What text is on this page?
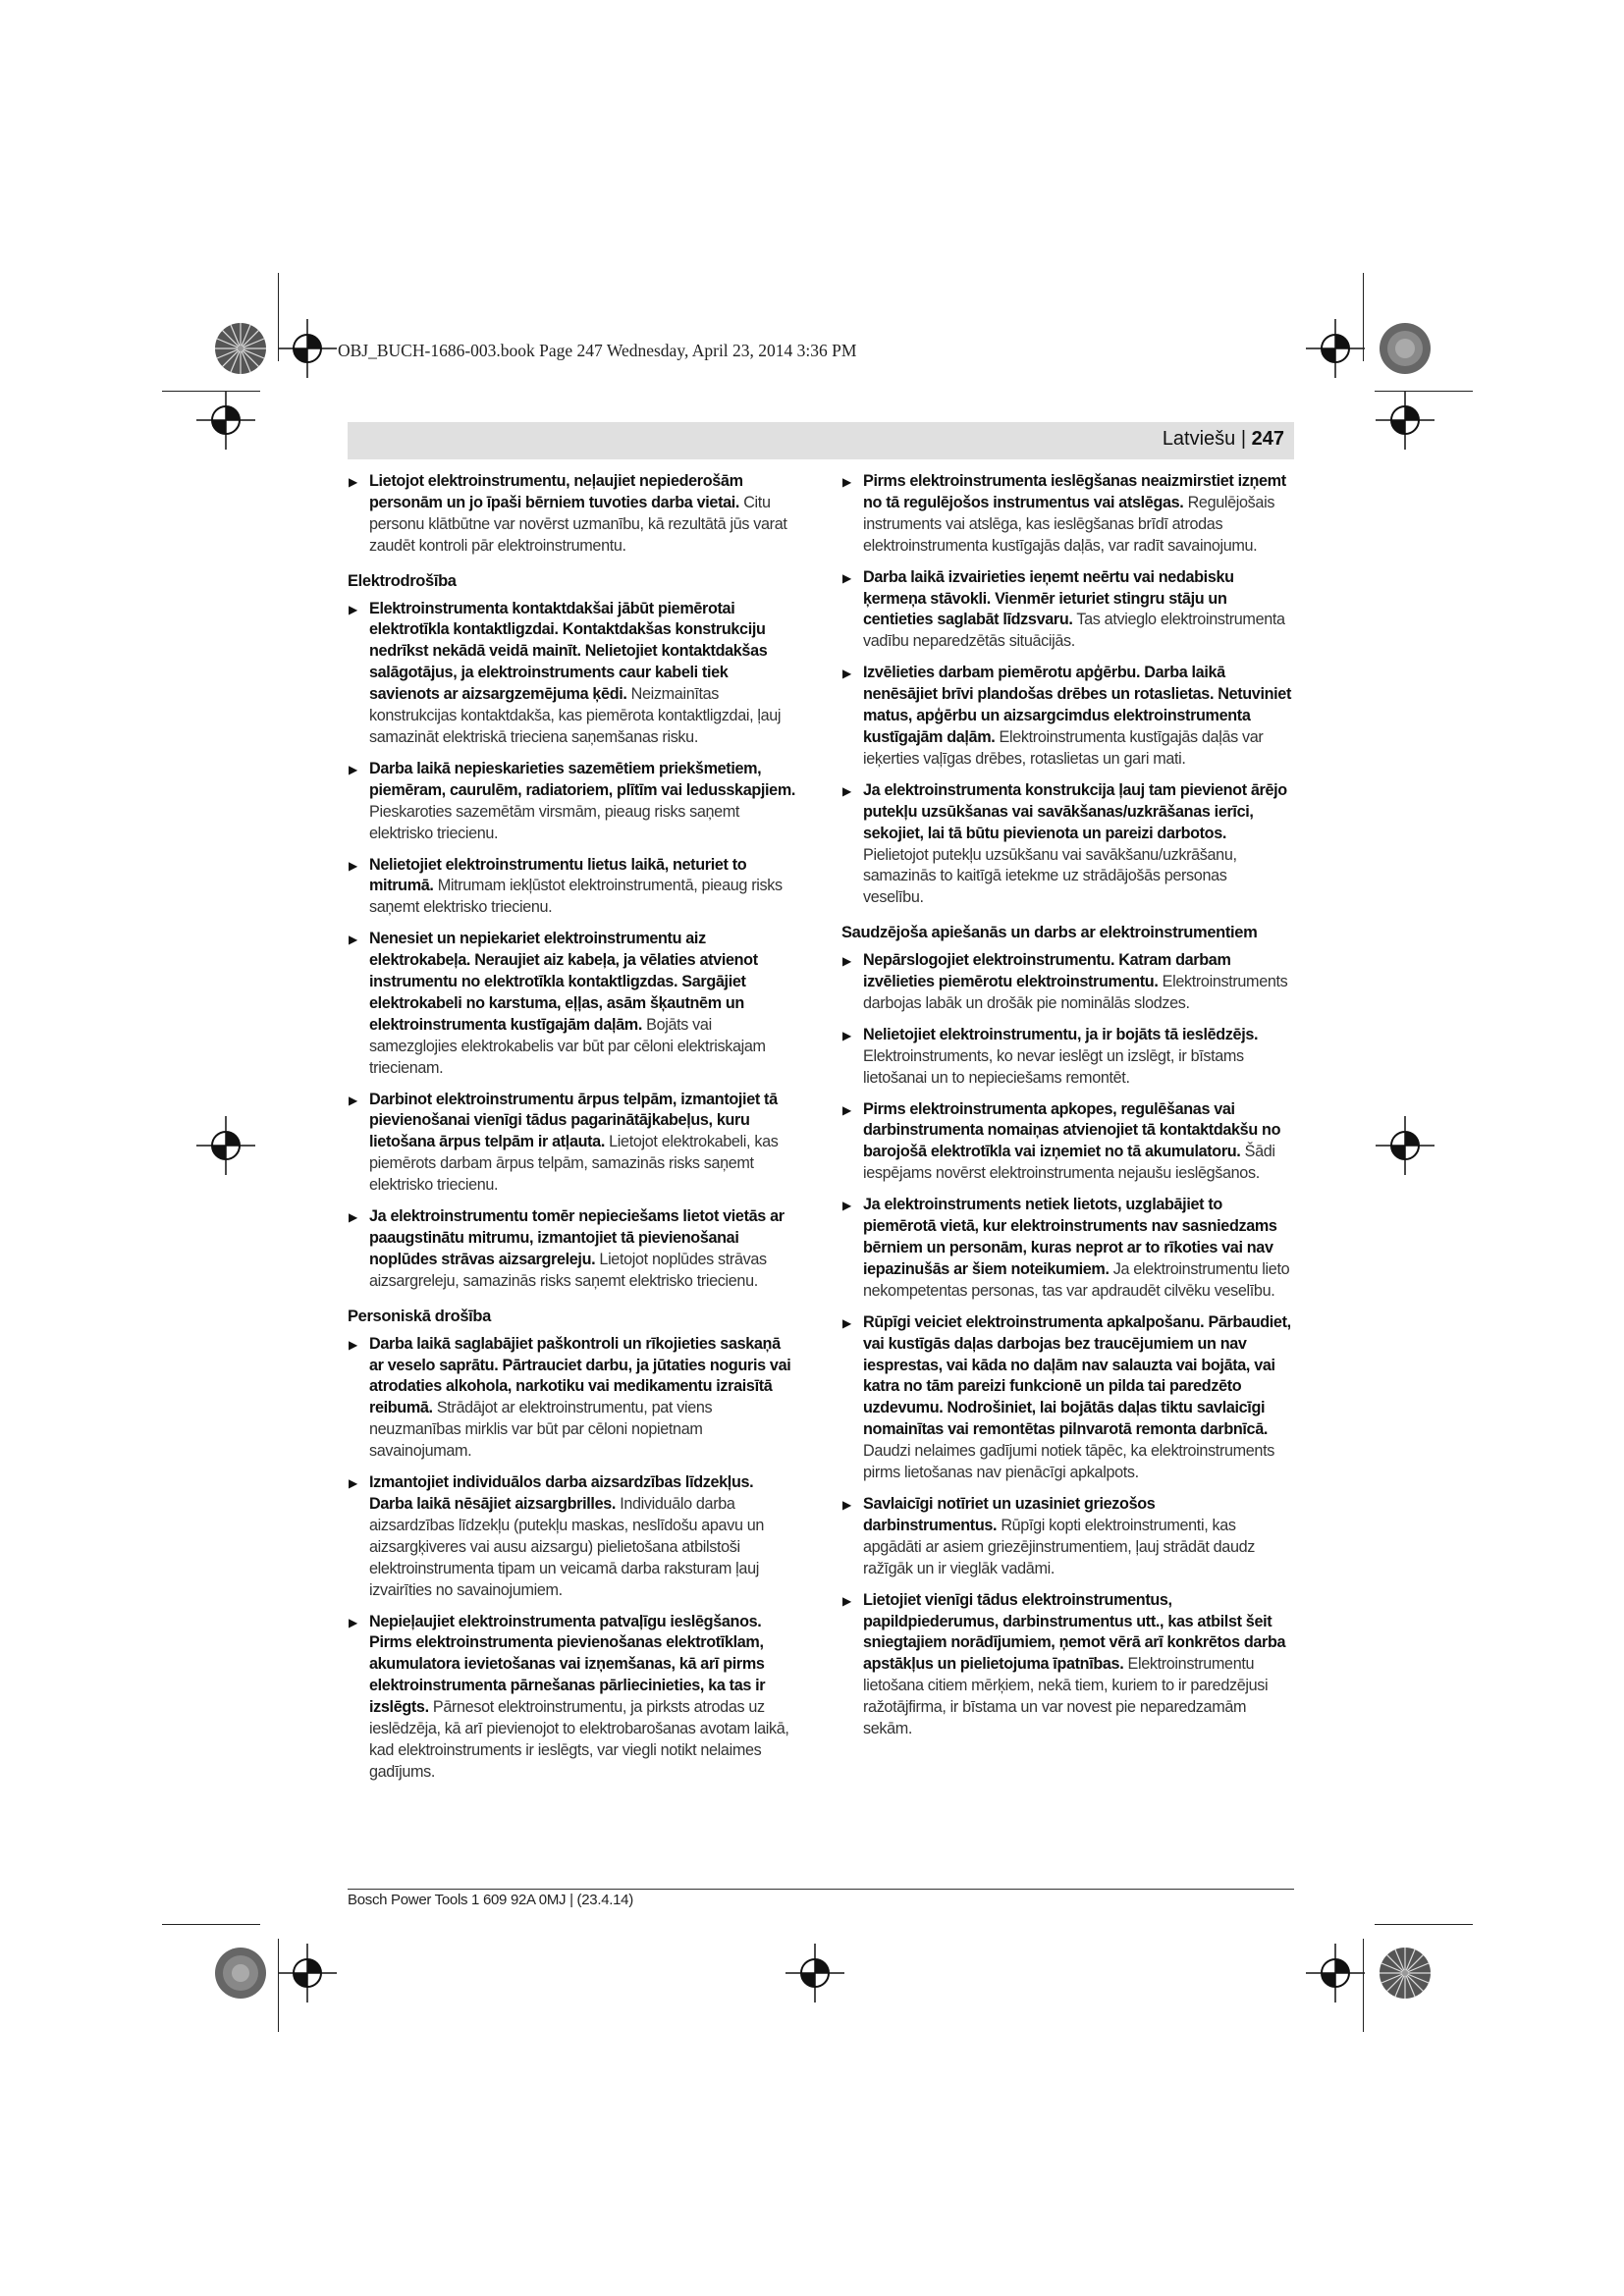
OBJ_BUCH-1686-003.book Page 247 Wednesday, April 23, 2014 3:36 PM
Latviešu | 247
▶ Lietojot elektroinstrumentu, neļaujiet nepiederošām personām un jo īpaši bērniem tuvoties darba vietai. Citu personu klātbūtne var novērst uzmanību, kā rezultātā jūs varat zaudēt kontroli pār elektroinstrumentu.
Elektrodrošība
▶ Elektroinstrumenta kontaktdakšai jābūt piemērotai elektrotīkla kontaktligzdai. Kontaktdakšas konstrukciju nedrīkst nekādā veidā mainīt. Nelietojiet kontaktdakšas salāgotājus, ja elektroinstruments caur kabeli tiek savienots ar aizsargzemējuma ķēdi. Neizmainītas konstrukcijas kontaktdakša, kas piemērota kontaktligzdai, ļauj samazināt elektriskā trieciena saņemšanas risku.
▶ Darba laikā nepieskarieties sazemētiem priekšmetiem, piemēram, caurulēm, radiatoriem, plītīm vai ledusskapjiem. Pieskaroties sazemētām virsmām, pieaug risks saņemt elektrisko triecienu.
▶ Nelietojiet elektroinstrumentu lietus laikā, neturiet to mitrumā. Mitrumam iekļūstot elektroinstrumentā, pieaug risks saņemt elektrisko triecienu.
▶ Nenesiet un nepiekariet elektroinstrumentu aiz elektrokabeļa. Neraujiet aiz kabeļa, ja vēlaties atvienot instrumentu no elektrotīkla kontaktligzdas. Sargājiet elektrokabeli no karstuma, eļļas, asām šķautnēm un elektroinstrumenta kustīgajām daļām. Bojāts vai samezglojies elektrokabelis var būt par cēloni elektriskajam triecienam.
▶ Darbinot elektroinstrumentu ārpus telpām, izmantojiet tā pievienošanai vienīgi tādus pagarinātājkabeļus, kuru lietošana ārpus telpām ir atļauta. Lietojot elektrokabeli, kas piemērots darbam ārpus telpām, samazinās risks saņemt elektrisko triecienu.
▶ Ja elektroinstrumentu tomēr nepieciešams lietot vietās ar paaugstinātu mitrumu, izmantojiet tā pievienošanai noplūdes strāvas aizsargreleju. Lietojot noplūdes strāvas aizsargreleju, samazinās risks saņemt elektrisko triecienu.
Personiskā drošība
▶ Darba laikā saglabājiet paškontroli un rīkojieties saskaņā ar veselo saprātu. Pārtrauciet darbu, ja jūtaties noguris vai atrodaties alkohola, narkotiku vai medikamentu izraisītā reibumā. Strādājot ar elektroinstrumentu, pat viens neuzmanības mirklis var būt par cēloni nopietnam savainojumam.
▶ Izmantojiet individuālos darba aizsardzības līdzekļus. Darba laikā nēsājiet aizsargbrilles. Individuālo darba aizsardzības līdzekļu (putekļu maskas, neslīdošu apavu un aizsargķiveres vai ausu aizsargu) pielietošana atbilstoši elektroinstrumenta tipam un veicamā darba raksturam ļauj izvairīties no savainojumiem.
▶ Nepieļaujiet elektroinstrumenta patvaļīgu ieslēgšanos. Pirms elektroinstrumenta pievienošanas elektrotīklam, akumulatora ievietošanas vai izņemšanas, kā arī pirms elektroinstrumenta pārnešanas pārliecinieties, ka tas ir izslēgts. Pārnesot elektroinstrumentu, ja pirksts atrodas uz ieslēdzēja, kā arī pievienojot to elektrobarošanas avotam laikā, kad elektroinstruments ir ieslēgts, var viegli notikt nelaimes gadījums.
▶ Pirms elektroinstrumenta ieslēgšanas neaizmirstiet izņemt no tā regulējošos instrumentus vai atslēgas. Regulējošais instruments vai atslēga, kas ieslēgšanas brīdī atrodas elektroinstrumenta kustīgajās daļās, var radīt savainojumu.
▶ Darba laikā izvairieties ieņemt neērtu vai nedabisku ķermeņa stāvokli. Vienmēr ieturiet stingru stāju un centieties saglabāt līdzsvaru. Tas atvieglo elektroinstrumenta vadību neparedzētās situācijās.
▶ Izvēlieties darbam piemērotu apģērbu. Darba laikā nenēsājiet brīvi plandošas drēbes un rotaslietas. Netuviniet matus, apģērbu un aizsargcimdus elektroinstrumenta kustīgajām daļām. Elektroinstrumenta kustīgajās daļās var ieķerties vaļīgas drēbes, rotaslietas un gari mati.
▶ Ja elektroinstrumenta konstrukcija ļauj tam pievienot ārējo putekļu uzsūkšanas vai savākšanas/uzkrāšanas ierīci, sekojiet, lai tā būtu pievienota un pareizi darbotos. Pielietojot putekļu uzsūkšanu vai savākšanu/uzkrāšanu, samazinās to kaitīgā ietekme uz strādājošās personas veselību.
Saudzējoša apiešanās un darbs ar elektroinstrumentiem
▶ Nepārslogojiet elektroinstrumentu. Katram darbam izvēlieties piemērotu elektroinstrumentu. Elektroinstruments darbojas labāk un drošāk pie nominālās slodzes.
▶ Nelietojiet elektroinstrumentu, ja ir bojāts tā ieslēdzējs. Elektroinstruments, ko nevar ieslēgt un izslēgt, ir bīstams lietošanai un to nepieciešams remontēt.
▶ Pirms elektroinstrumenta apkopes, regulēšanas vai darbinstrumenta nomaiņas atvienojiet tā kontaktdakšu no barojošā elektrotīkla vai izņemiet no tā akumulatoru. Šādi iespējams novērst elektroinstrumenta nejaušu ieslēgšanos.
▶ Ja elektroinstruments netiek lietots, uzglabājiet to piemērotā vietā, kur elektroinstruments nav sasniedzams bērniem un personām, kuras neprot ar to rīkoties vai nav iepazinušās ar šiem noteikumiem. Ja elektroinstrumentu lieto nekompetentas personas, tas var apdraudēt cilvēku veselību.
▶ Rūpīgi veiciet elektroinstrumenta apkalpošanu. Pārbaudiet, vai kustīgās daļas darbojas bez traucējumiem un nav iesprestas, vai kāda no daļām nav salauzta vai bojāta, vai katra no tām pareizi funkcionē un pilda tai paredzēto uzdevumu. Nodrošiniet, lai bojātās daļas tiktu savlaicīgi nomainītas vai remontētas pilnvarotā remonta darbnīcā. Daudzi nelaimes gadījumi notiek tāpēc, ka elektroinstruments pirms lietošanas nav pienācīgi apkalpots.
▶ Savlaicīgi notīriet un uzasiniet griezošos darbinstrumentus. Rūpīgi kopti elektroinstrumenti, kas apgādāti ar asiem griezējinstrumentiem, ļauj strādāt daudz ražīgāk un ir vieglāk vadāmi.
▶ Lietojiet vienīgi tādus elektroinstrumentus, papildpiederumus, darbinstrumentus utt., kas atbilst šeit sniegtajiem norādījumiem, ņemot vērā arī konkrētos darba apstākļus un pielietojuma īpatnības. Elektroinstrumentu lietošana citiem mērķiem, nekā tiem, kuriem to ir paredzējusi ražotājfirma, ir bīstama un var novest pie neparedzamām sekām.
Bosch Power Tools 1 609 92A 0MJ | (23.4.14)
